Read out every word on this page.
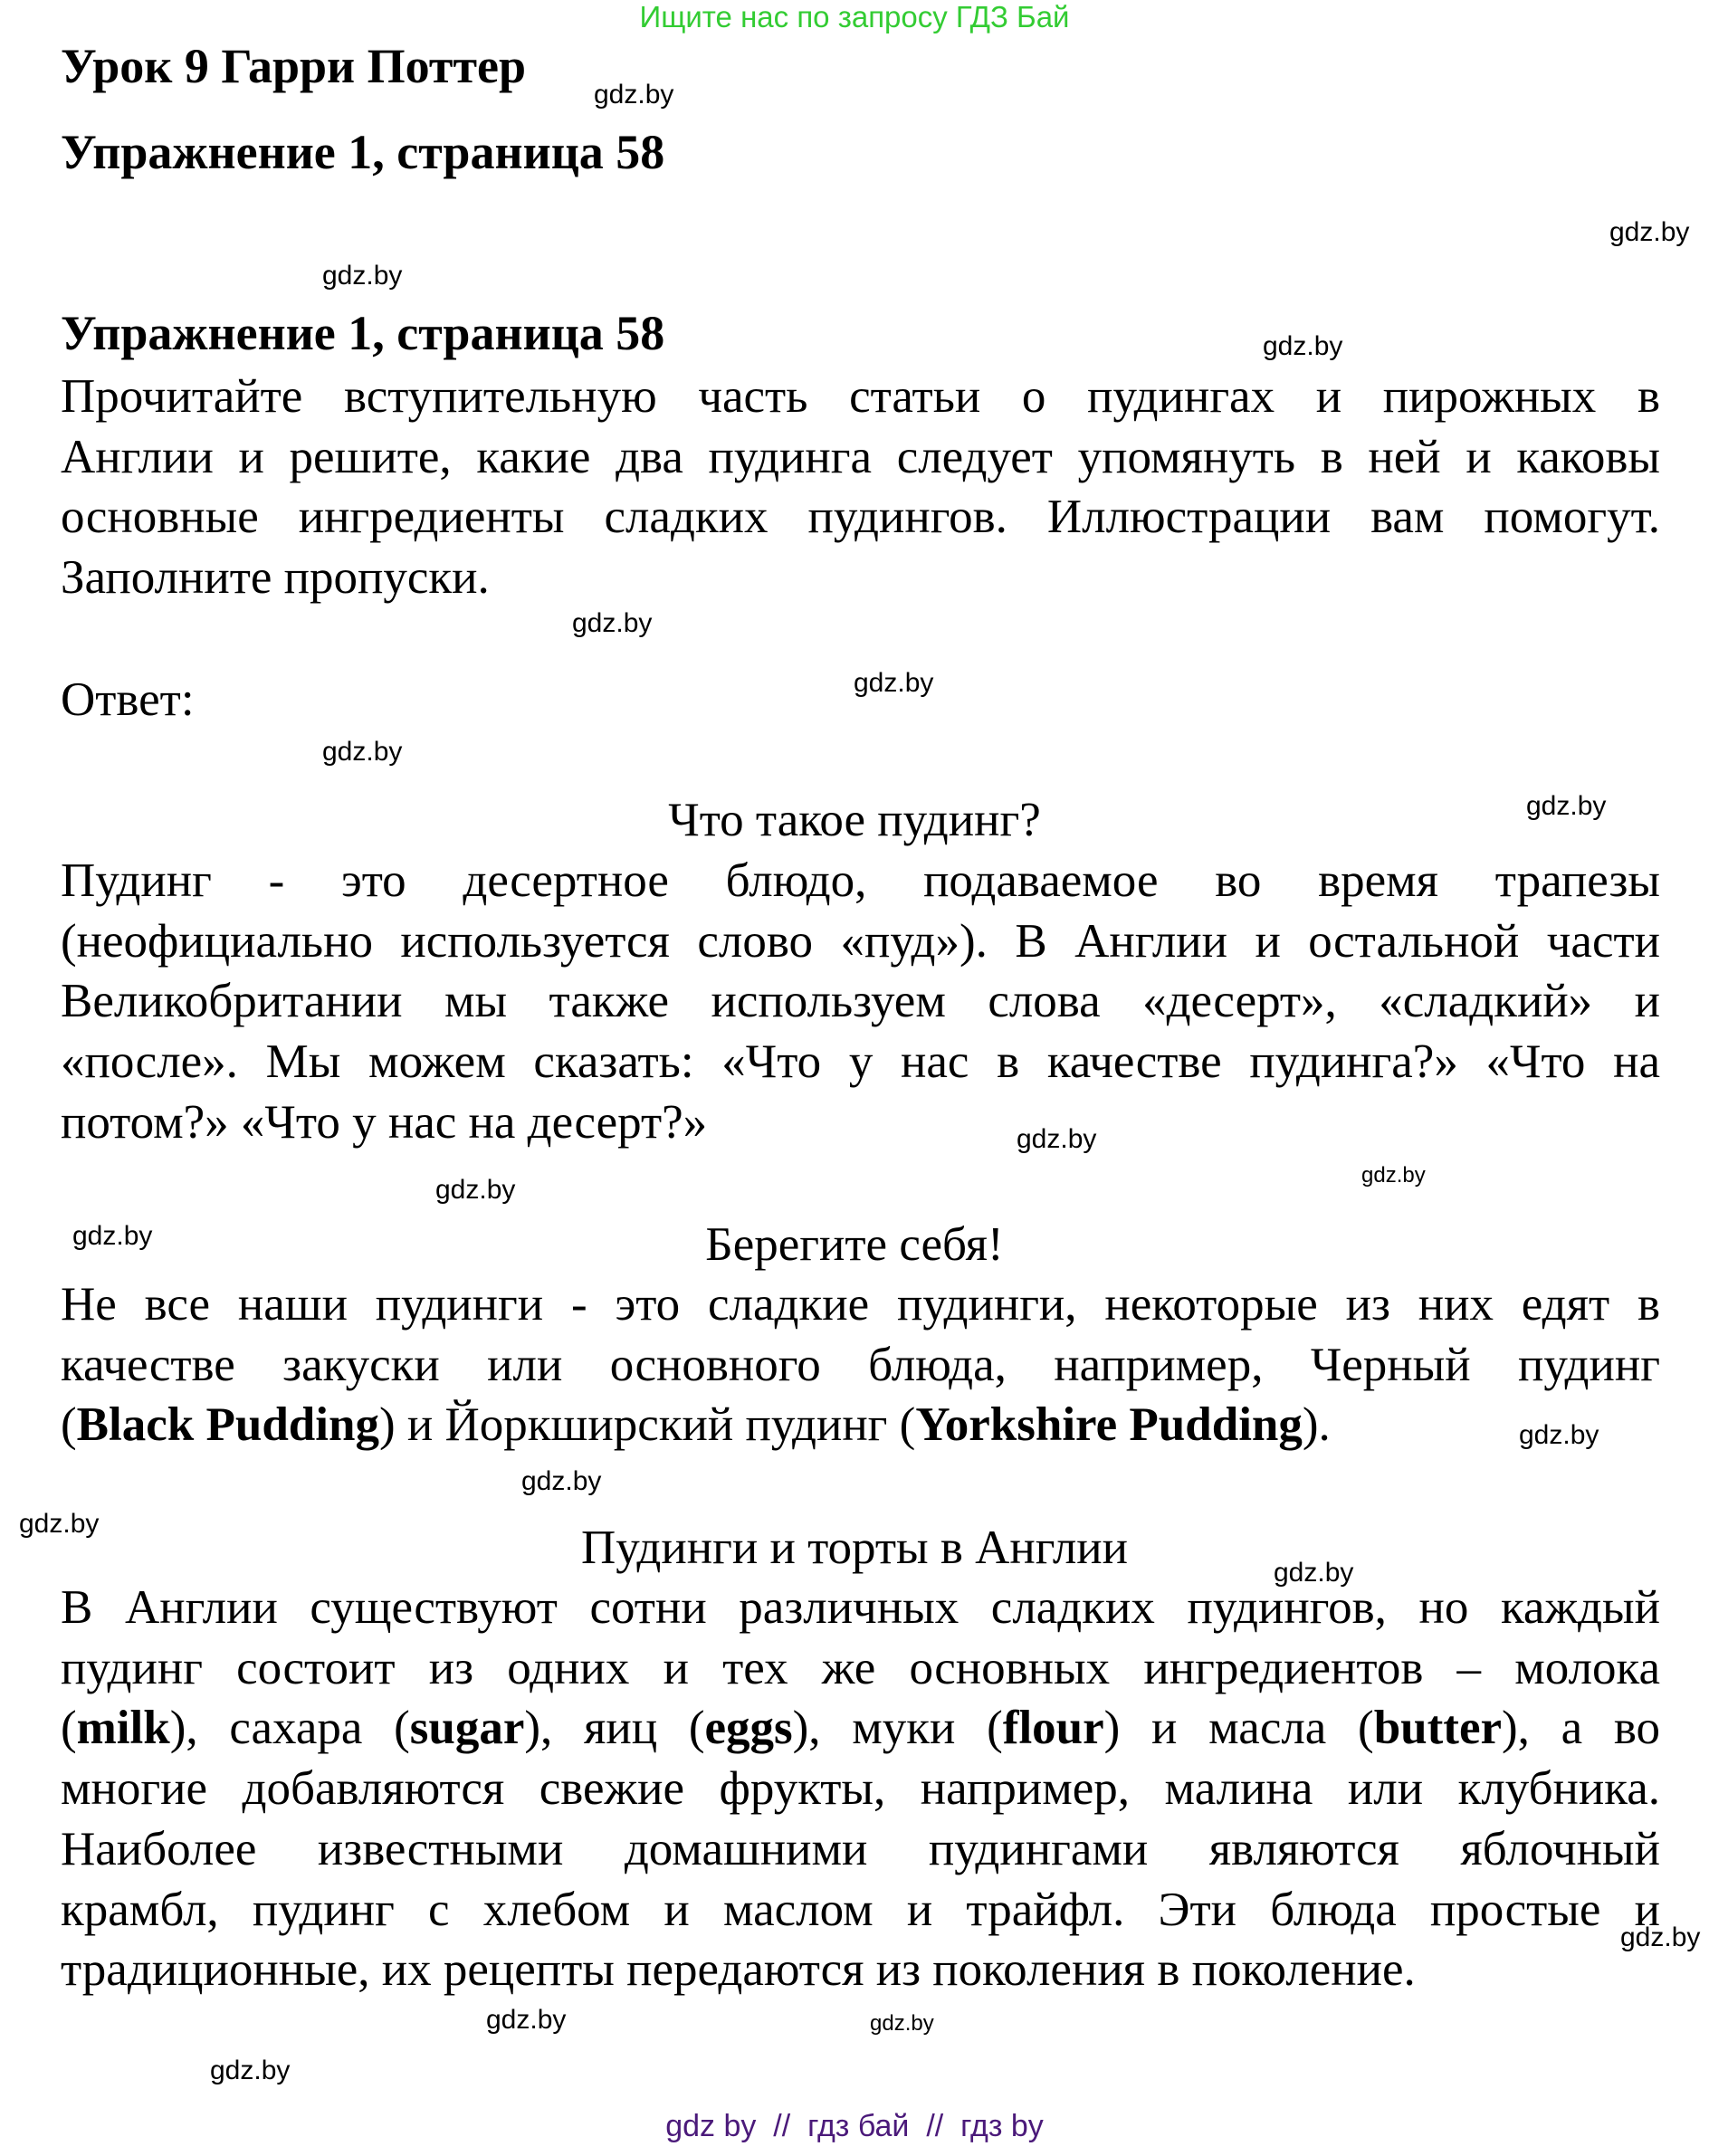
Ищите нас по запросу ГДЗ Бай
Урок 9 Гарри Поттер
Упражнение 1, страница 58
Упражнение 1, страница 58
Прочитайте вступительную часть статьи о пудингах и пирожных в
Англии и решите, какие два пудинга следует упомянуть в ней и каковы
основные ингредиенты сладких пудингов. Иллюстрации вам помогут.
Заполните пропуски.
Ответ:
Что такое пудинг?
Пудинг - это десертное блюдо, подаваемое во время трапезы
(неофициально используется слово «пуд»). В Англии и остальной части
Великобритании мы также используем слова «десерт», «сладкий» и
«после». Мы можем сказать: «Что у нас в качестве пудинга?» «Что на
потом?» «Что у нас на десерт?»
Берегите себя!
Не все наши пудинги - это сладкие пудинги, некоторые из них едят в
качестве закуски или основного блюда, например, Черный пудинг
(Black Pudding) и Йоркширский пудинг (Yorkshire Pudding).
Пудинги и торты в Англии
В Англии существуют сотни различных сладких пудингов, но каждый
пудинг состоит из одних и тех же основных ингредиентов – молока
(milk), сахара (sugar), яиц (eggs), муки (flour) и масла (butter), а во
многие добавляются свежие фрукты, например, малина или клубника.
Наиболее известными домашними пудингами являются яблочный
крамбл, пудинг с хлебом и маслом и трайфл. Эти блюда простые и
традиционные, их рецепты передаются из поколения в поколение.
gdz.by
gdz.by
gdz.by
gdz.by
gdz.by
gdz.by
gdz.by
gdz.by
gdz.by
gdz.by
gdz.by
gdz.by
gdz.by
gdz.by
gdz.by
gdz.by
gdz.by
gdz.by
gdz.by
gdz.by
gdz by  //  гдз бай  //  гдз by
